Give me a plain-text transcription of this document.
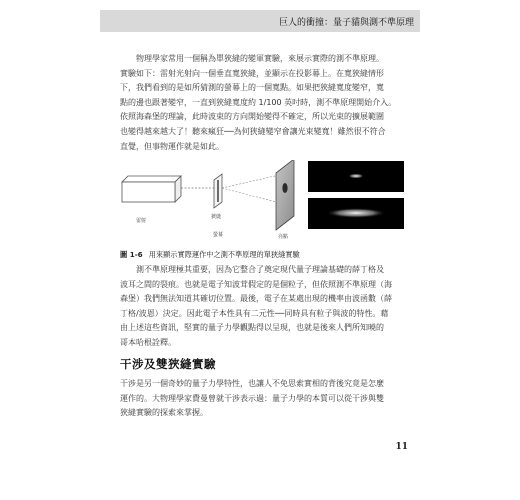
巨人的衝撞：量子貓與測不準原理

物理學家常用一個稱為單狹縫的變軍實驗，來展示實際的測不準原理。
實驗如下：雷射光射向一個垂直寬狹縫，並顯示在投影幕上。在寬狹縫情形
下，我們看到的是如所猜測的螢幕上的一個寬點。如果把狹縫寬度變窄，寬
點的邊也跟著變窄，一直到狹縫寬度約 1/100 英吋時，測不準原理開始介入。
依照海森堡的理論，此時波束的方向開始變得不確定，所以光束的擴展範圍
也變得越來越大了！聽來瘋狂──為何狹縫變窄會讓光束變寬！雖然很不符合
直覺，但事物運作就是如此。

雷射
狹縫
螢幕	亮點
圖 1-6 用來顯示實際運作中之測不準原理的單狹縫實驗

測不準原理極其重要，因為它整合了奠定現代量子理論基礎的薛丁格及
波耳之間的裂痕。也就是電子知波茸假定的是個粒子，但依照測不準原理（海
森堡）我們無法知道其確切位置。最後，電子在某處出現的機率由波函數（薛
丁格/波恩）決定。因此電子本性具有二元性──同時具有粒子與波的特性。藉
由上述這些資訊，堅實的量子力學觀點得以呈現，也就是後來人們所知曉的
哥本哈根詮釋。

干涉及雙狹縫實驗

干涉是另一個奇妙的量子力學特性，也讓人不免思索實相的背後究竟是怎麼
運作的。大物理學家費曼曾就干涉表示過：量子力學的本質可以從干涉與雙
狹縫實驗的探索來掌握。

11
